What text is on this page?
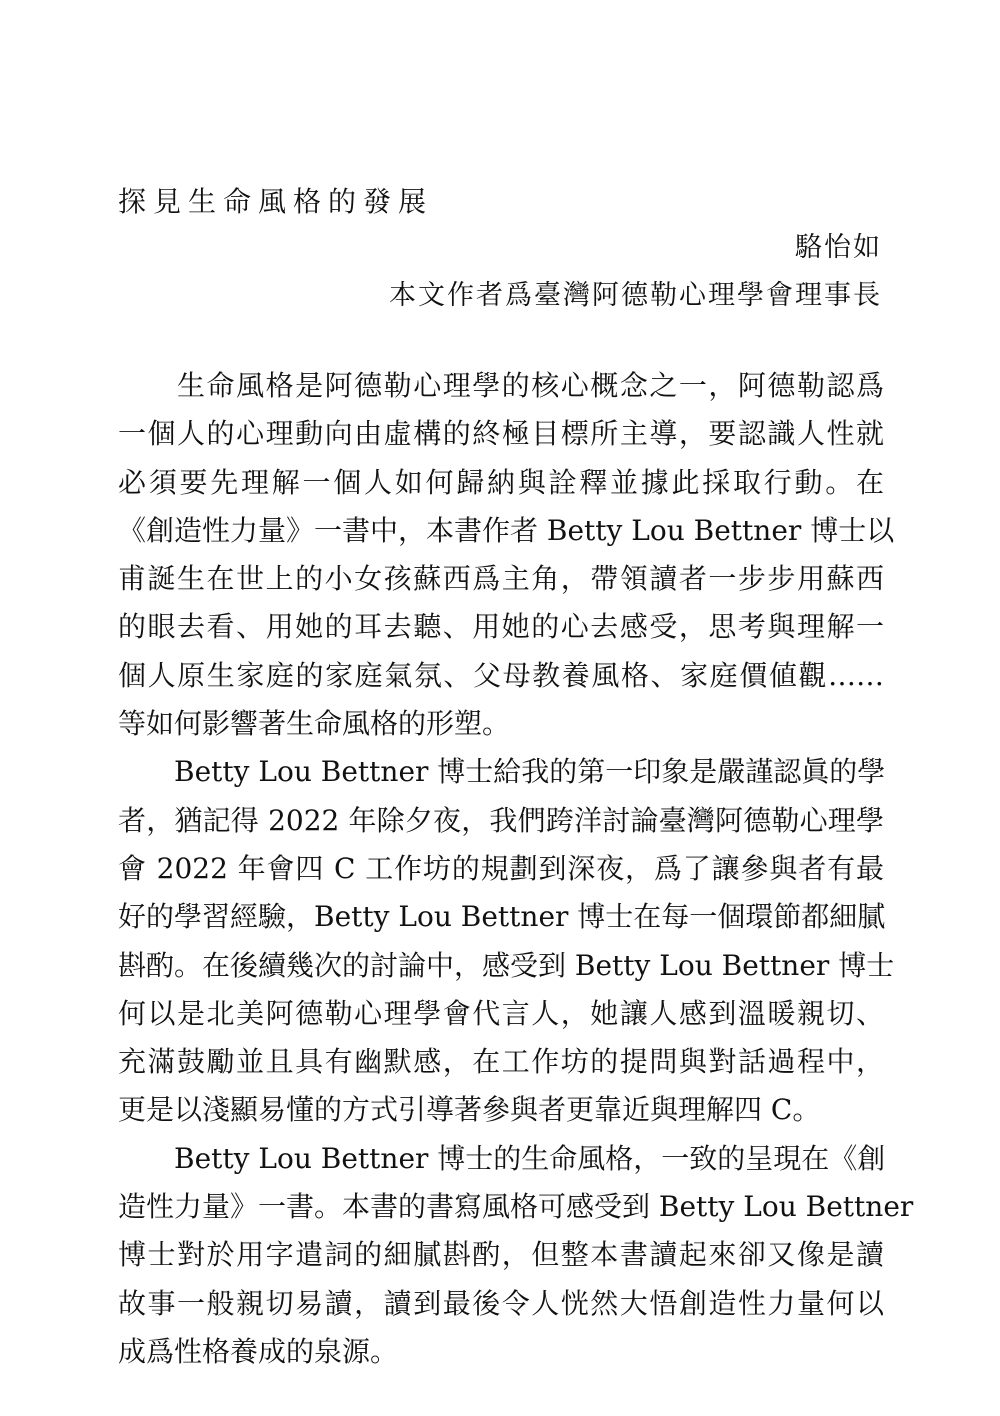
探見生命風格的發展
駱怡如
本文作者爲臺灣阿德勒心理學會理事長
　　生命風格是阿德勒心理學的核心概念之一，阿德勒認爲
一個人的心理動向由虛構的終極目標所主導，要認識人性就
必須要先理解一個人如何歸納與詮釋並據此採取行動。在
《創造性力量》一書中，本書作者 Betty Lou Bettner 博士以
甫誕生在世上的小女孩蘇西爲主角，帶領讀者一步步用蘇西
的眼去看、用她的耳去聽、用她的心去感受，思考與理解一
個人原生家庭的家庭氣氛、父母教養風格、家庭價値觀……
等如何影響著生命風格的形塑。
　　Betty Lou Bettner 博士給我的第一印象是嚴謹認眞的學
者，猶記得 2022 年除夕夜，我們跨洋討論臺灣阿德勒心理學
會 2022 年會四 C 工作坊的規劃到深夜，爲了讓參與者有最
好的學習經驗，Betty Lou Bettner 博士在每一個環節都細膩
斟酌。在後續幾次的討論中，感受到 Betty Lou Bettner 博士
何以是北美阿德勒心理學會代言人，她讓人感到溫暖親切、
充滿鼓勵並且具有幽默感，在工作坊的提問與對話過程中，
更是以淺顯易懂的方式引導著參與者更靠近與理解四 C。
　　Betty Lou Bettner 博士的生命風格，一致的呈現在《創
造性力量》一書。本書的書寫風格可感受到 Betty Lou Bettner
博士對於用字遣詞的細膩斟酌，但整本書讀起來卻又像是讀
故事一般親切易讀，讀到最後令人恍然大悟創造性力量何以
成爲性格養成的泉源。
